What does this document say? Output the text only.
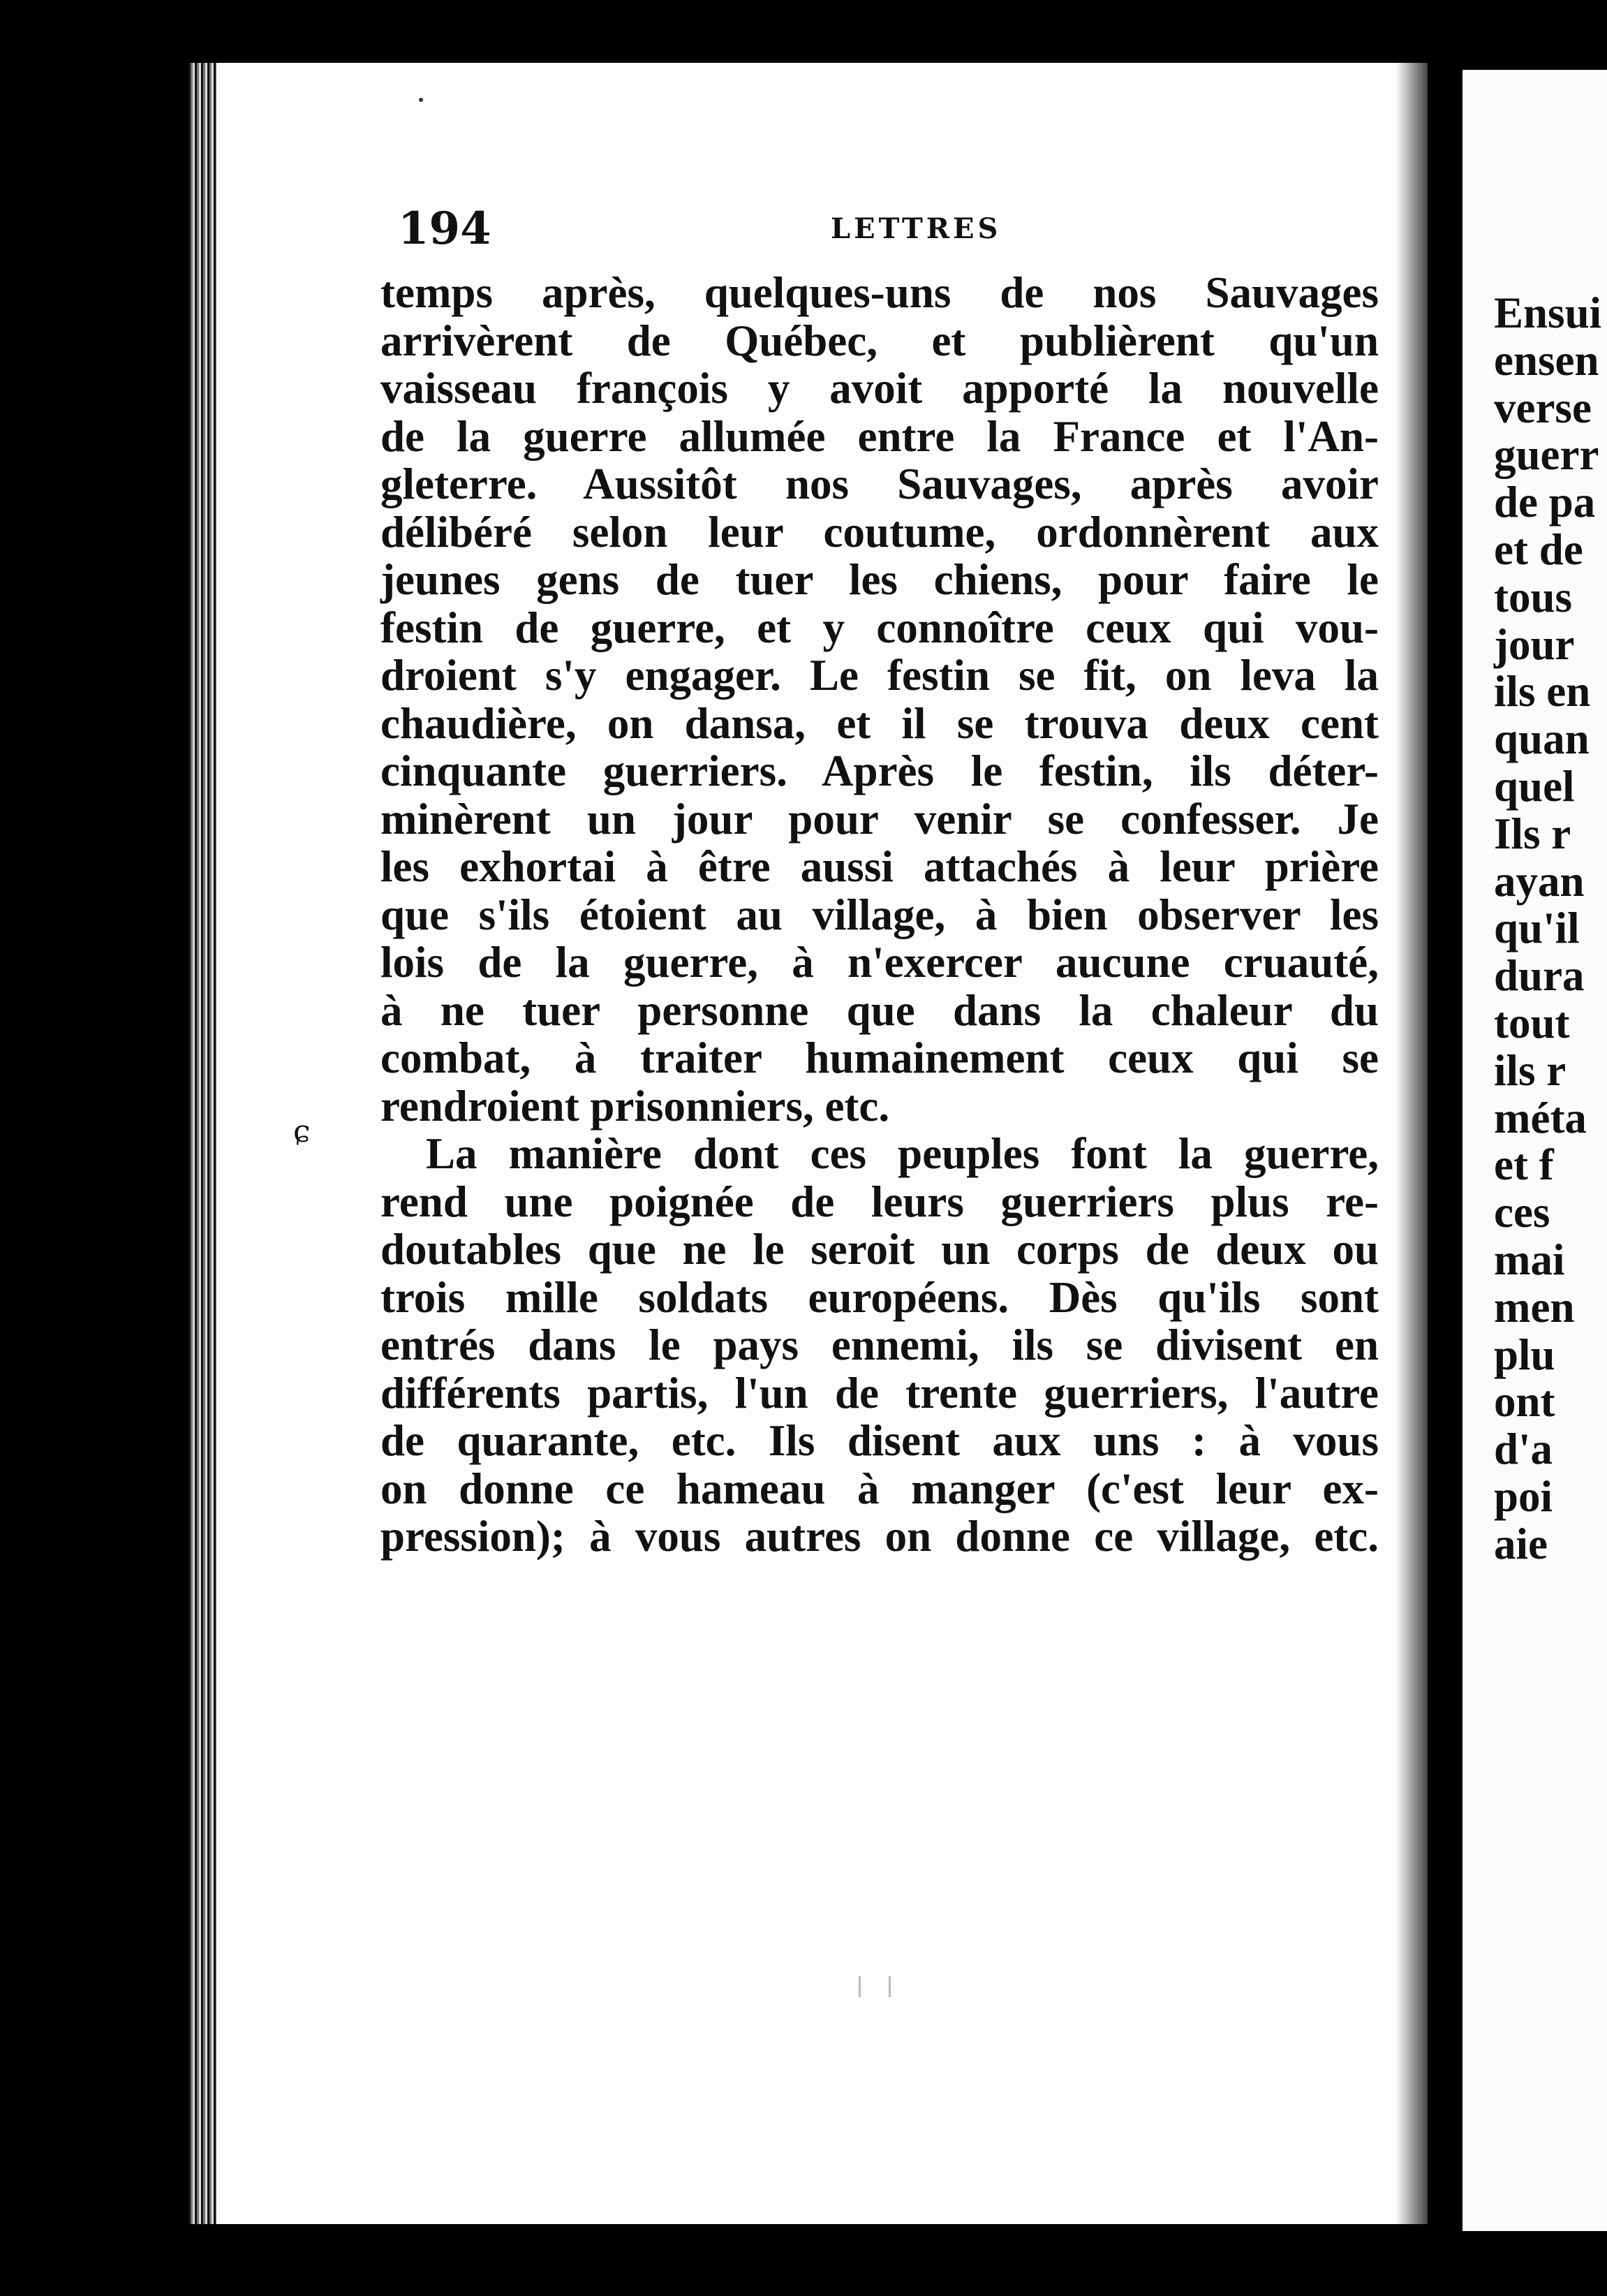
194	LETTRES
ɕ
temps après, quelques-uns de nos Sauvages
arrivèrent de Québec, et publièrent qu'un
vaisseau françois y avoit apporté la nouvelle
de la guerre allumée entre la France et l'An-
gleterre. Aussitôt nos Sauvages, après avoir
délibéré selon leur coutume, ordonnèrent aux
jeunes gens de tuer les chiens, pour faire le
festin de guerre, et y connoître ceux qui vou-
droient s'y engager. Le festin se fit, on leva la
chaudière, on dansa, et il se trouva deux cent
cinquante guerriers. Après le festin, ils déter-
minèrent un jour pour venir se confesser. Je
les exhortai à être aussi attachés à leur prière
que s'ils étoient au village, à bien observer les
lois de la guerre, à n'exercer aucune cruauté,
à ne tuer personne que dans la chaleur du
combat, à traiter humainement ceux qui se
rendroient prisonniers, etc.
La manière dont ces peuples font la guerre,
rend une poignée de leurs guerriers plus re-
doutables que ne le seroit un corps de deux ou
trois mille soldats européens. Dès qu'ils sont
entrés dans le pays ennemi, ils se divisent en
différents partis, l'un de trente guerriers, l'autre
de quarante, etc. Ils disent aux uns : à vous
on donne ce hameau à manger (c'est leur ex-
pression); à vous autres on donne ce village, etc.
Ensui
ensen
verse
guerr
de pa
et de
tous
jour
ils en
quan
quel
Ils r
ayan
qu'il
dura
tout
ils r
méta
et f
ces
mai
men
plu
ont
d'a
poi
aie
